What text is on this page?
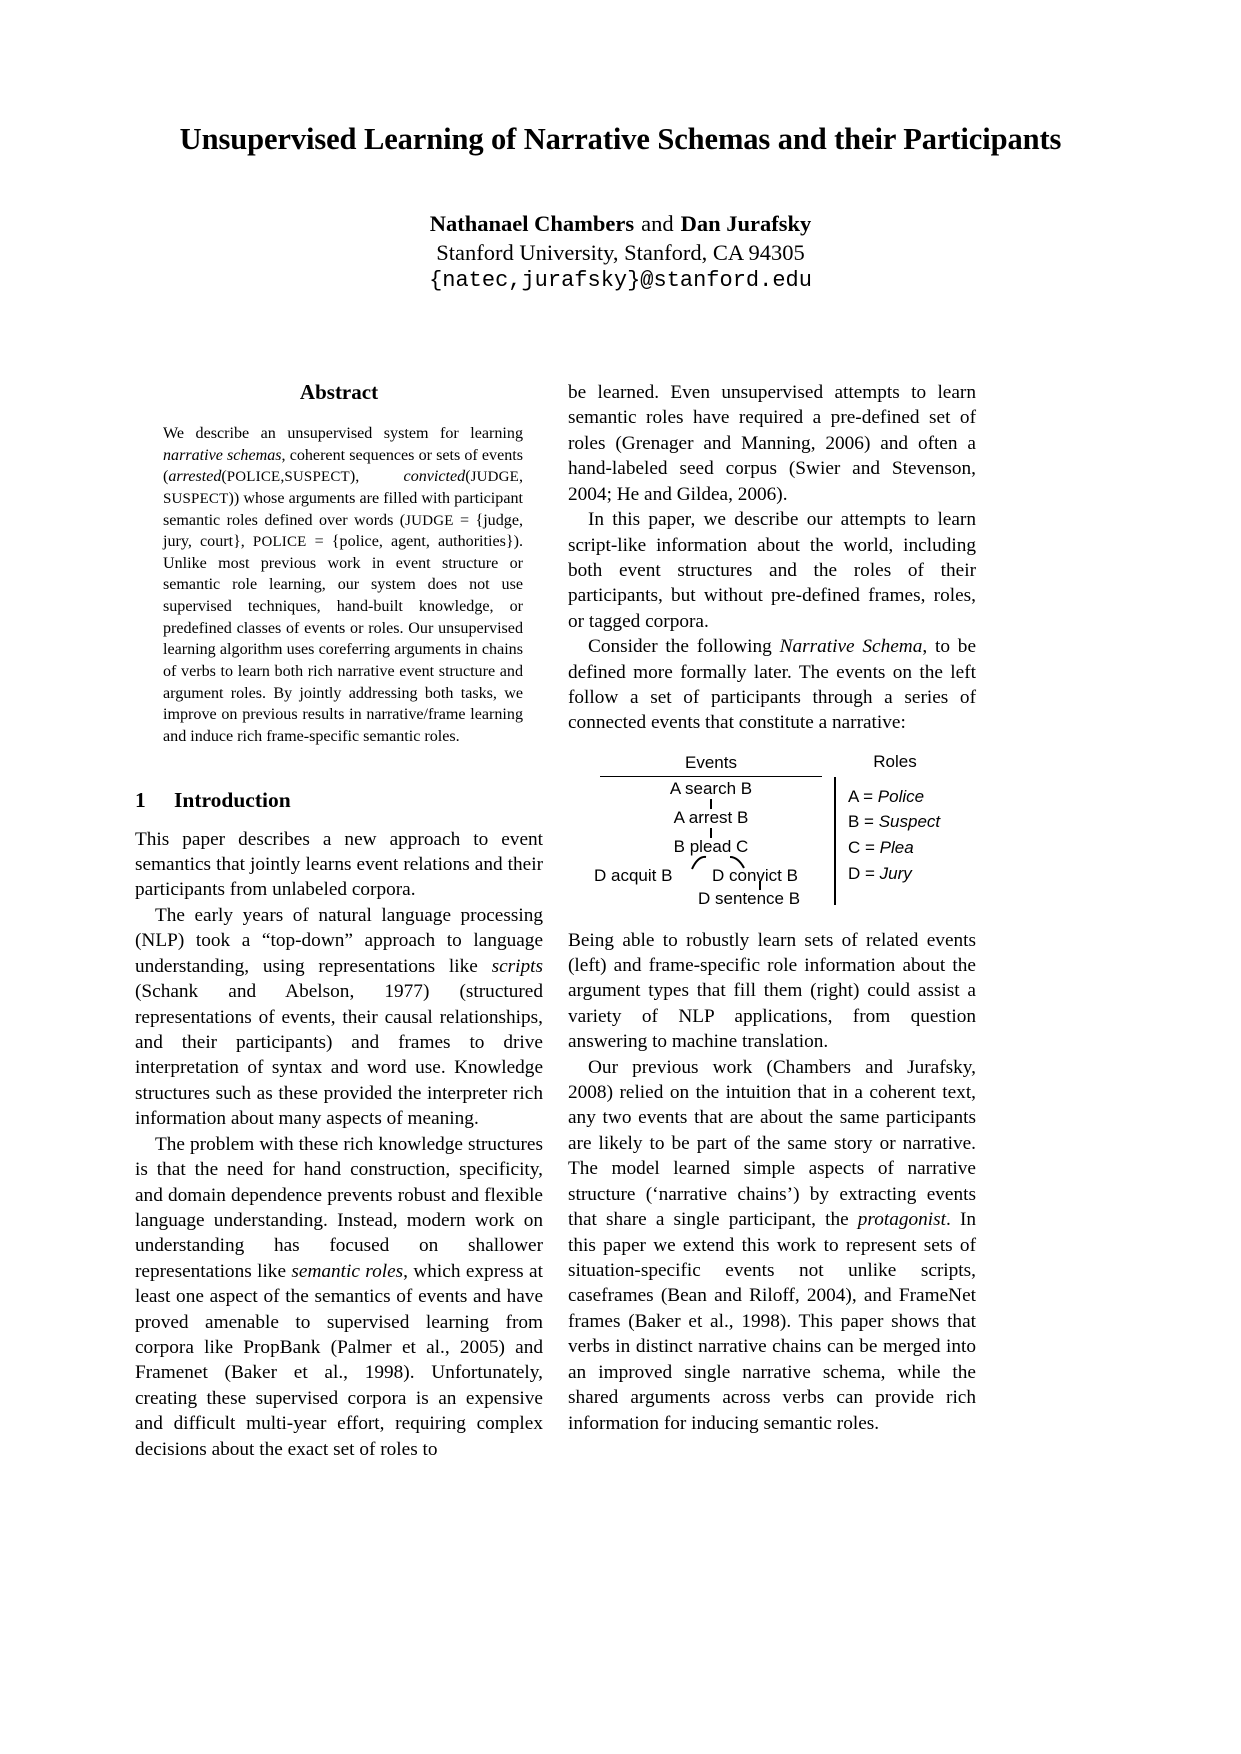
Unsupervised Learning of Narrative Schemas and their Participants
Nathanael Chambers and Dan Jurafsky
Stanford University, Stanford, CA 94305
{natec,jurafsky}@stanford.edu
Abstract
We describe an unsupervised system for learning narrative schemas, coherent sequences or sets of events (arrested(POLICE,SUSPECT), convicted(JUDGE, SUSPECT)) whose arguments are filled with participant semantic roles defined over words (JUDGE = {judge, jury, court}, POLICE = {police, agent, authorities}). Unlike most previous work in event structure or semantic role learning, our system does not use supervised techniques, hand-built knowledge, or predefined classes of events or roles. Our unsupervised learning algorithm uses coreferring arguments in chains of verbs to learn both rich narrative event structure and argument roles. By jointly addressing both tasks, we improve on previous results in narrative/frame learning and induce rich frame-specific semantic roles.
1 Introduction

This paper describes a new approach to event semantics that jointly learns event relations and their participants from unlabeled corpora.

The early years of natural language processing (NLP) took a “top-down” approach to language understanding, using representations like scripts (Schank and Abelson, 1977) (structured representations of events, their causal relationships, and their participants) and frames to drive interpretation of syntax and word use. Knowledge structures such as these provided the interpreter rich information about many aspects of meaning.

The problem with these rich knowledge structures is that the need for hand construction, specificity, and domain dependence prevents robust and flexible language understanding. Instead, modern work on understanding has focused on shallower representations like semantic roles, which express at least one aspect of the semantics of events and have proved amenable to supervised learning from corpora like PropBank (Palmer et al., 2005) and Framenet (Baker et al., 1998). Unfortunately, creating these supervised corpora is an expensive and difficult multi-year effort, requiring complex decisions about the exact set of roles to

be learned. Even unsupervised attempts to learn semantic roles have required a pre-defined set of roles (Grenager and Manning, 2006) and often a hand-labeled seed corpus (Swier and Stevenson, 2004; He and Gildea, 2006).

In this paper, we describe our attempts to learn script-like information about the world, including both event structures and the roles of their participants, but without pre-defined frames, roles, or tagged corpora.

Consider the following Narrative Schema, to be defined more formally later. The events on the left follow a set of participants through a series of connected events that constitute a narrative:

Events	Roles
A search B
A arrest B
B plead C
D acquit B D convict B
D sentence B
A = Police
B = Suspect
C = Plea
D = Jury

Being able to robustly learn sets of related events (left) and frame-specific role information about the argument types that fill them (right) could assist a variety of NLP applications, from question answering to machine translation.

Our previous work (Chambers and Jurafsky, 2008) relied on the intuition that in a coherent text, any two events that are about the same participants are likely to be part of the same story or narrative. The model learned simple aspects of narrative structure (‘narrative chains’) by extracting events that share a single participant, the protagonist. In this paper we extend this work to represent sets of situation-specific events not unlike scripts, caseframes (Bean and Riloff, 2004), and FrameNet frames (Baker et al., 1998). This paper shows that verbs in distinct narrative chains can be merged into an improved single narrative schema, while the shared arguments across verbs can provide rich information for inducing semantic roles.
